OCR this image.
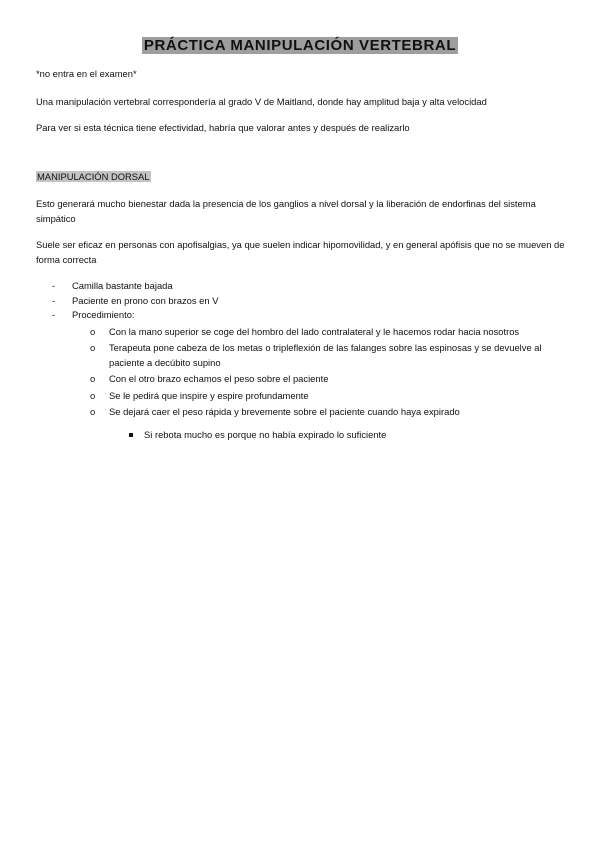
PRÁCTICA MANIPULACIÓN VERTEBRAL

*no entra en el examen*

Una manipulación vertebral correspondería al grado V de Maitland, donde hay amplitud baja y alta velocidad

Para ver si esta técnica tiene efectividad, habría que valorar antes y después de realizarlo

MANIPULACIÓN DORSAL

Esto generará mucho bienestar dada la presencia de los ganglios a nivel dorsal y la liberación de endorfinas del sistema simpático

Suele ser eficaz en personas con apofisalgias, ya que suelen indicar hipomovilidad, y en general apófisis que no se mueven de forma correcta

- Camilla bastante bajada
- Paciente en prono con brazos en V
- Procedimiento:
o Con la mano superior se coge del hombro del lado contralateral y le hacemos rodar hacia nosotros
o Terapeuta pone cabeza de los metas o tripleflexión de las falanges sobre las espinosas y se devuelve al paciente a decúbito supino
o Con el otro brazo echamos el peso sobre el paciente
o Se le pedirá que inspire y espire profundamente
o Se dejará caer el peso rápida y brevemente sobre el paciente cuando haya expirado
Si rebota mucho es porque no había expirado lo suficiente
